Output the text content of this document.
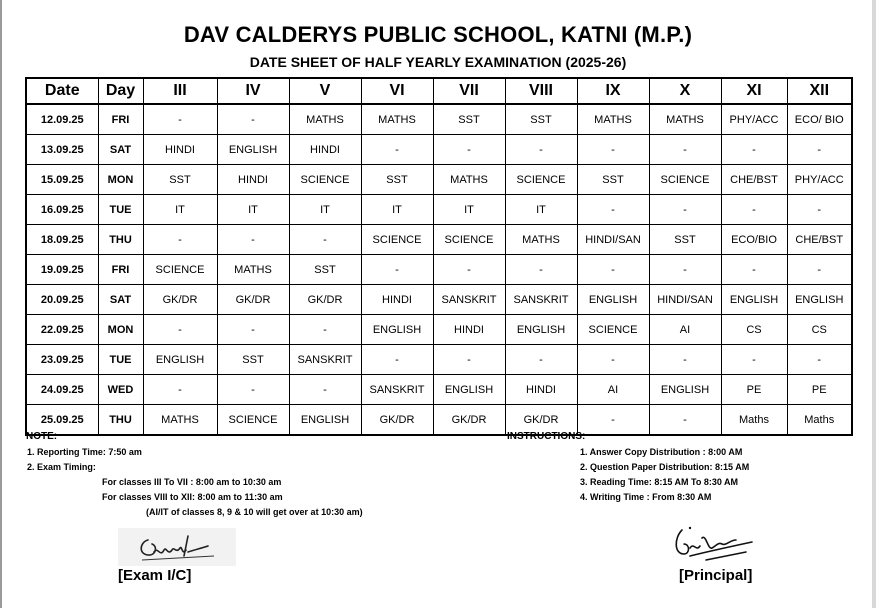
DAV CALDERYS PUBLIC SCHOOL, KATNI (M.P.)
DATE SHEET OF HALF YEARLY EXAMINATION (2025-26)
Date	Day	III	IV	V	VI	VII	VIII	IX	X	XI	XII
12.09.25	FRI	-	-	MATHS	MATHS	SST	SST	MATHS	MATHS	PHY/ACC	ECO/ BIO
13.09.25	SAT	HINDI	ENGLISH	HINDI	-	-	-	-	-	-	-
15.09.25	MON	SST	HINDI	SCIENCE	SST	MATHS	SCIENCE	SST	SCIENCE	CHE/BST	PHY/ACC
16.09.25	TUE	IT	IT	IT	IT	IT	IT	-	-	-	-
18.09.25	THU	-	-	-	SCIENCE	SCIENCE	MATHS	HINDI/SAN	SST	ECO/BIO	CHE/BST
19.09.25	FRI	SCIENCE	MATHS	SST	-	-	-	-	-	-	-
20.09.25	SAT	GK/DR	GK/DR	GK/DR	HINDI	SANSKRIT	SANSKRIT	ENGLISH	HINDI/SAN	ENGLISH	ENGLISH
22.09.25	MON	-	-	-	ENGLISH	HINDI	ENGLISH	SCIENCE	AI	CS	CS
23.09.25	TUE	ENGLISH	SST	SANSKRIT	-	-	-	-	-	-	-
24.09.25	WED	-	-	-	SANSKRIT	ENGLISH	HINDI	AI	ENGLISH	PE	PE
25.09.25	THU	MATHS	SCIENCE	ENGLISH	GK/DR	GK/DR	GK/DR	-	-	Maths	Maths
NOTE:
1. Reporting Time: 7:50 am
2. Exam Timing:
For classes III To VII : 8:00 am to 10:30 am
For classes VIII to XII: 8:00 am to 11:30 am
(AI/IT of classes 8, 9 & 10 will get over at 10:30 am)
INSTRUCTIONS:
1. Answer Copy Distribution : 8:00 AM
2. Question Paper Distribution: 8:15 AM
3. Reading Time: 8:15 AM To 8:30 AM
4. Writing Time : From 8:30 AM
[Exam I/C]	[Principal]
